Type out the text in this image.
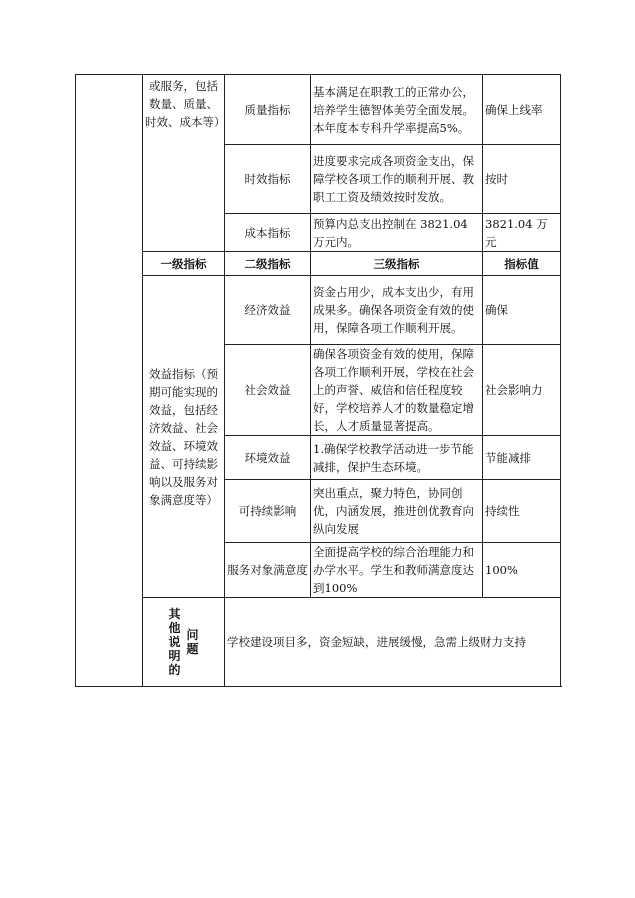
	或服务，包括数量、质量、时效、成本等）	质量指标	基本满足在职教工的正常办公，培养学生德智体美劳全面发展。本年度本专科升学率提高5%。	确保上线率
		时效指标	进度要求完成各项资金支出，保障学校各项工作的顺利开展、教职工工资及绩效按时发放。	按时
		成本指标	预算内总支出控制在 3821.04 万元内。	3821.04 万元
	一级指标	二级指标	三级指标	指标值
	效益指标（预期可能实现的效益，包括经济效益、社会效益、环境效益、可持续影响以及服务对象满意度等）	经济效益	资金占用少，成本支出少，有用成果多。确保各项资金有效的使用，保障各项工作顺利开展。	确保
		社会效益	确保各项资金有效的使用，保障各项工作顺利开展，学校在社会上的声誉、威信和信任程度较好，学校培养人才的数量稳定增长，人才质量显著提高。	社会影响力
		环境效益	1.确保学校教学活动进一步节能减排，保护生态环境。	节能减排
		可持续影响	突出重点，聚力特色，协同创优，内涵发展，推进创优教育向纵向发展	持续性
		服务对象满意度	全面提高学校的综合治理能力和办学水平。学生和教师满意度达到100%	100%
	其他说明的问题	学校建设项目多，资金短缺，进展缓慢，急需上级财力支持		
